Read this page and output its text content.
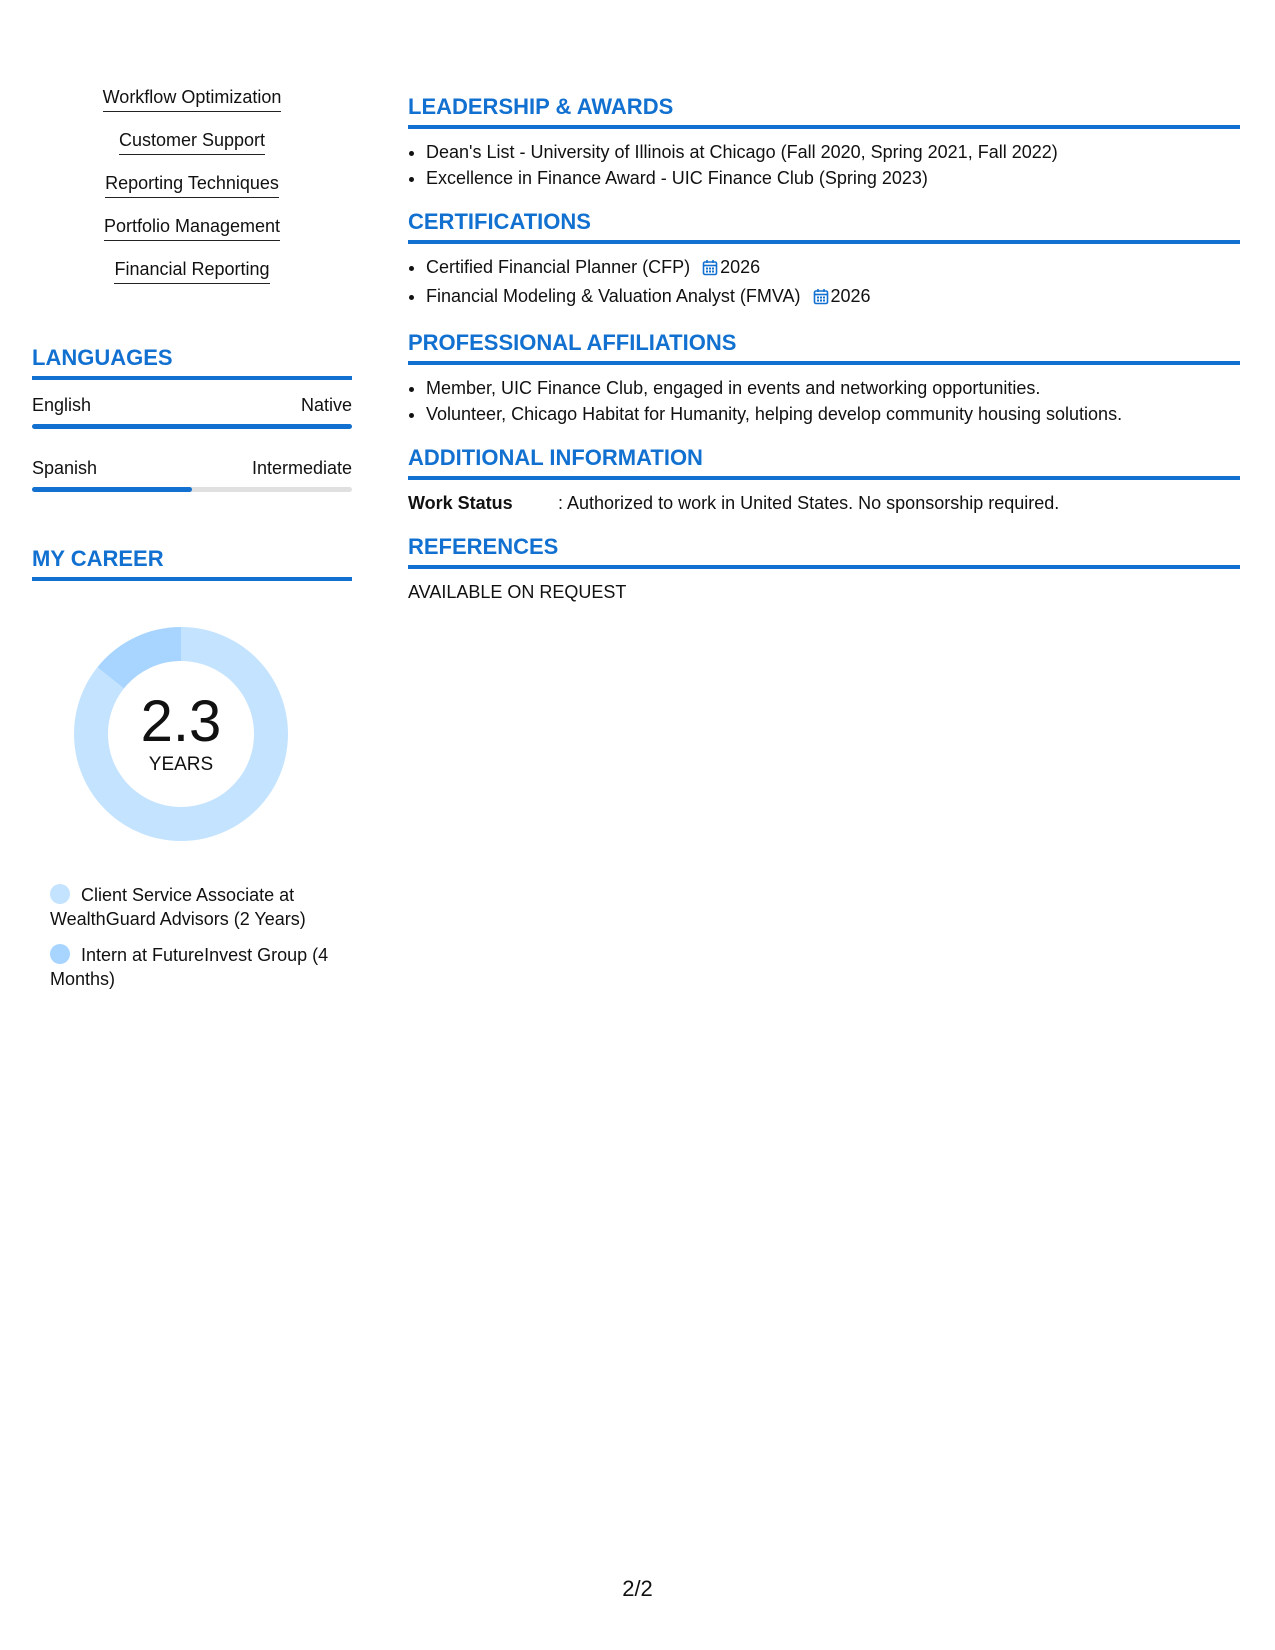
Workflow Optimization
Customer Support
Reporting Techniques
Portfolio Management
Financial Reporting
LANGUAGES
English	Native
Spanish	Intermediate
MY CAREER
2.3
YEARS
Client Service Associate at WealthGuard Advisors (2 Years)
Intern at FutureInvest Group (4 Months)
LEADERSHIP & AWARDS
• Dean's List - University of Illinois at Chicago (Fall 2020, Spring 2021, Fall 2022)
• Excellence in Finance Award - UIC Finance Club (Spring 2023)
CERTIFICATIONS
• Certified Financial Planner (CFP) 2026
• Financial Modeling & Valuation Analyst (FMVA) 2026
PROFESSIONAL AFFILIATIONS
• Member, UIC Finance Club, engaged in events and networking opportunities.
• Volunteer, Chicago Habitat for Humanity, helping develop community housing solutions.
ADDITIONAL INFORMATION
Work Status	: Authorized to work in United States. No sponsorship required.
REFERENCES
AVAILABLE ON REQUEST
2/2
